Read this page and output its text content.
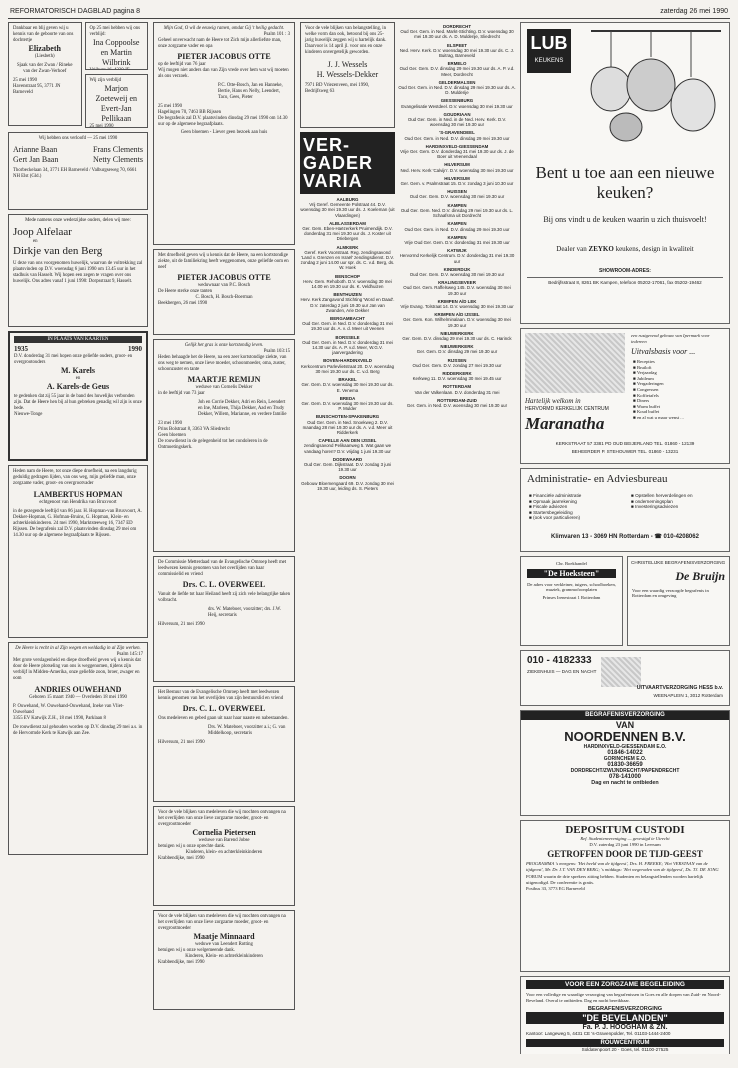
REFORMATORISCH DAGBLAD pagina 8	zaterdag 26 mei 1990
Dankbaar en blij geven wij u kennis van de geboorte van ons dochtertje
Elizabeth
(Liesbeth)
Sjaak van der Zwan / Rineke van der Zwan-Verhoef
25 mei 1990
Havenstraat 95, 3771 JN Barneveld
Op 25 mei hebben wij ons verblijd:
Ina Coppoolse en Martin Wilbrink
Wij zijn verblijd
Marjon Zoeteweij en Evert-Jan Pellikaan
25 mei 1990
Wij hebben ons verloofd — 25 mei 1990
Arianne Baan	Frans Clements
Gert Jan Baan	Netty Clements
Thorbeckelaan 34, 3771 EH Barneveld / Valburgseweg 70, 6661 NH Elst (Gld.)
Mede namens onze wederzijdse ouders, delen wij mee:
Joop Alfelaar
en
Dirkje van den Berg
U deze van ons voorgenomen huwelijk, waarvan de voltrekking zal plaatsvinden op D.V. woensdag 6 juni 1990 om 13.45 uur in het stadhuis van Hasselt. Wij hopen een zegen te vragen over ons huwelijk. Ons adres vanaf 1 juni 1990: Dorpsstraat 9, Hasselt.
IN PLAATS VAN KAARTEN
1935	1990
D.V. donderdag 31 mei hopen onze geliefde ouders, groot- en overgrootouders
M. Karels
en
A. Karels-de Geus
te gedenken dat zij 55 jaar in de band des huwelijks verbonden zijn. Dat de Heere hen bij al hun gebreken genadig wil zijn is onze bede.
Nieuwe-Tonge
Heden nam de Heere, tot onze diepe droefheid, na een langdurig geduldig gedragen lijden, van ons weg, mijn geliefde man, onze zorgzame vader, groot- en overgrootvader
LAMBERTUS HOPMAN
echtgenoot van Hendrika van Bruxvoort
in de gezegende leeftijd van 86 jaar. H. Hopman-van Bruxvoort, A. Dekker-Hopman, G. Hofman-Bruins, G. Hopman, Klein- en achterkleinkinderen. 24 mei 1990, Marktsteeweg 16, 7347 ED Rijssen. De begrafenis zal D.V. plaatsvinden dinsdag 29 mei om 14.30 uur op de algemene begraafplaats te Rijssen.
De Heere is recht in al Zijn wegen en weldadig in al Zijn werken.
Psalm 145:17
Met grote verslagenheid en diepe droefheid geven wij u kennis dat door de Heere plotseling van ons is weggenomen, tijdens zijn verblijf in Midden-Amerika, onze geliefde zoon, broer, zwager en oom
ANDRIES OUWEHAND
Geboren 15 maart 1940 — Overleden 18 mei 1990
P. Ouwehand, W. Ouwehand-Ouwehand, Ineke van Vliet-Ouwehand
3355 EV Katwijk Z.H., 18 mei 1990, Parklaan 8
De rouwdienst zal gehouden worden op D.V. dinsdag 29 mei a.s. in de Hervormde Kerk te Katwijk aan Zee.
Mijn God, O wil de eeuwig ramen, omdat Gij 't heilig gedacht.
Psalm 101 : 3
Geheel onverwacht nam de Heere tot Zich mijn allerliefste man, onze zorgzame vader en opa
PIETER JACOBUS OTTE
op de leeftijd van 76 jaar
Wij mogen niet anders dan van Zijn vrede over hem wat wij moeten als ons verzoek.
P.C. Otte-Bosch, Jan en Hanneke, Bertie, Hans en Nelly, Leendert, Taco, Gees, Pieter
25 mei 1990
Hagelingen 70, 7463 BB Rijssen
De begrafenis zal D.V. plaatsvinden dinsdag 29 mei 1990 om 14.30 uur op de algemene begraafplaats.
Geen bloemen - Liever geen bezoek aan huis
Met droefheid geven wij u kennis dat de Heere, na een kortstondige ziekte, uit de familiekring heeft weggenomen, onze geliefde oom en neef
PIETER JACOBUS OTTE
weduwnaar van P.C. Bosch
De Heere sterke onze tanten
C. Bosch, H. Bosch-Boerman
Beekbergen, 26 mei 1990
Gelijk het gras is onze kortstondig leven.
Psalm 103:15
Heden behaagde het de Heere, na een zeer kortstondige ziekte, van ons weg te nemen, onze lieve moeder, schoonmoeder, oma, zuster, schoonzuster en tante
MAARTJE REMIJN
weduwe van Cornelis Dekker
in de leeftijd van 73 jaar
Joh en Corrie Dekker, Adri en Rein, Leendert en Ine, Marleen, Thija Dekker, Aad en Trudy Dekker, Willem, Marianne, en verdere familie
23 mei 1990
Prins Bolstraat 8, 3363 VA Sliedrecht
Geen bloemen
De rouwdienst in de gelegenheid tot het condoleren in de Ontmoetingskerk.
De Commissie Metterdaad van de Evangelische Omroep heeft met leedwezen kennis genomen van het overlijden van haar commissielid en vriend
Drs. C. L. OVERWEEL
Vanuit de liefde tot haar Heiland heeft zij zich vele belangrijke taken volbracht.
drs. W. Mateboer, voorzitter; drs. J.W. Heij, secretaris
Hilversum, 21 mei 1990
Het Bestuur van de Evangelische Omroep heeft met leedwezen kennis genomen van het overlijden van zijn bestuurslid en vriend
Drs. C. L. OVERWEEL
Ons medeleven en gebed gaan uit naar haar naaste en nabestaanden.
Drs. W. Mateboer, voorzitter a.i.; G. van Middelkoop, secretaris
Hilversum, 21 mei 1990
Voor de vele blijken van medeleven die wij mochten ontvangen na het overlijden van onze lieve zorgzame moeder, groot- en overgrootmoeder
Cornelia Pietersen
weduwe van Barend Jobse
betuigen wij u onze oprechte dank.
Kinderen, klein- en achterkleinkinderen
Krabbendijke, mei 1990
Voor de vele blijken van medeleven die wij mochten ontvangen na het overlijden van onze lieve zorgzame moeder, groot- en overgrootmoeder
Maatje Minnaard
weduwe van Leendert Rotting
betuigen wij u onze welgemeende dank.
Kinderen, Klein- en achterkleinkinderen
Krabbendijke, mei 1990
Voor de vele blijken van belangstelling, in welke vorm dan ook, betoond bij ons 25-jarig huwelijk zeggen wij u hartelijk dank. Daarvoor is 14 april jl. voor ons en onze kinderen onvergetelijk geworden.
J. J. Wessels
H. Wessels-Dekker
7971 BD Vriezenveen, mei 1990, Bedrijfsweg 63
VER-
GADER
VARIA
AALBURG
Vrij Geref. Gemeente Polstraat 44. D.V. woensdag 30 mei 19.30 uur ds. J. Koeleman (uit Vlaardingen)
ALBLASSERDAM
Ger. Gem. Eben-Haëzerkerk Pruimendijk. D.V. donderdag 31 mei 19.30 uur ds. J. Koster uit Driebergen
ALMKERK
Geref. Kerk Voorstraat. Reg. zendingsavond 'Land v. Grenzen en Israël' zendingsdienst. D.V. zondag 2 juni 14.00 uur spr. ds. C. v.d. Berg, ds. W. Hoek
BENSCHOP
Herv. Gem. Rehoboth. D.V. woensdag 30 mei 14.00 en 19.30 uur ds. K. Veldhuizen
BENTHUIZEN
Herv. Kerk Zangavond Stichting 'Word en Daad'. D.V. zaterdag 2 juni 19.30 uur Jan van Zwanden, Arie Dekker
BERGAMBACHT
Oud Ger. Gem. in Ned. D.V. donderdag 31 mei 19.30 uur ds. A. v. d. Meer uit Veenen
BORSSELE
Oud Ger. Gem. in Ned. D.V. donderdag 31 mei 14.30 uur ds. A. P. v.d. Meer, W.G.V. jaarvergadering
BOVEN-HARDINXVELD
Kerkcentrum Parlevlietstraat 20. D.V. woensdag 30 mei 19.30 uur ds. C. v.d. Berg
BRAKEL
Ger. Gem. D.V. woensdag 30 mei 19.30 uur ds. E. Venema
BREDA
Ger. Gem. D.V. woensdag 30 mei 19.30 uur ds. P. Mulder
BUNSCHOTEN-SPAKENBURG
Oud Ger. Gem. in Ned. Snoekweg 2. D.V. maandag 28 mei 19.30 uur ds. A. v.d. Meer uit Ridderkerk
CAPELLE AAN DEN IJSSEL
zendingsavond Pelikaanweg 5. Wat gaan we vandaag horen? D.V. vrijdag 1 juni 19.30 uur
DODEWAARD
Oud Ger. Gem. Dijkstraat. D.V. zondag 3 juni 19.30 uur
DOORN
Gebouw Bloemengaard 69. D.V. zondag 30 mei 19.30 uur, leiding ds. S. Pieters
DORDRECHT
Oud Ger. Gem. in Ned. Markt-Stichting. D.V. woensdag 30 mei 19.30 uur ds. A. D. Mulderije, Sliedrecht
ELSPEET
Ned. Herv. Kerk. D.V. woensdag 30 mei 19.30 uur ds. C. J. Buitrag, Barneveld
ERMELO
Oud Ger. Gem. D.V. dinsdag 29 mei 19.30 uur ds. A. P. v.d. Meer, Dordrecht
GELDERMALSEN
Oud Ger. Gem. in Ned. D.V. dinsdag 29 mei 19.30 uur ds. A. D. Mulderije
GIESSENBURG
Evangelisatie Westdeel. D.V. woensdag 30 mei 19.30 uur
GOUDRIAAN
Oud Ger. Gem. in Ned. in de Ned. Herv. Kerk. D.V. woensdag 30 mei 19.30 uur
'S-GRAVENDEEL
Oud Ger. Gem. in Ned. D.V. dinsdag 29 mei 19.30 uur
HARDINXVELD-GIESSENDAM
Vrije Ger. Gem. D.V. donderdag 31 mei 19.30 uur ds. J. de Boer uit Veenendaal
HILVERSUM
Ned. Herv. Kerk 'Calvijn'. D.V. woensdag 30 mei 19.30 uur
HILVERSUM
Ger. Gem. v. Psalmstraat 15. D.V. zondag 3 juni 10.30 uur
HUISSEN
Oud Ger. Gem. D.V. woensdag 30 mei 19.30 uur
KAMPEN
Oud Ger. Gem. Ned. D.V. dinsdag 29 mei 19.30 uur ds. L. Schaafsma uit Dordrecht
KAMPEN
Oud Ger. Gem. in Ned. D.V. dinsdag 29 mei 19.30 uur
KAMPEN
Vrije Oud Ger. Gem. D.V. donderdag 31 mei 19.30 uur
KATWIJK
Hervormd Kerkelijk Centrum. D.V. donderdag 31 mei 19.30 uur
KINDERDIJK
Oud Ger. Gem. D.V. woensdag 30 mei 19.30 uur
KRALINGSEVEER
Oud Ger. Gem. Raffelsweg 145. D.V. woensdag 30 mei 19.30 uur
KRIMPEN A/D LEK
Vrije Evang. Tolstraat 14. D.V. woensdag 30 mei 19.30 uur
KRIMPEN A/D IJSSEL
Ger. Gem. Kon. Wilhelminalaan. D.V. woensdag 30 mei 19.30 uur
NIEUWERKERK
Ger. Gem. D.V. dinsdag 29 mei 19.30 uur ds. C. Harinck
NIEUWERKERK
Ger. Gem. D.V. dinsdag 29 mei 19.30 uur
RIJSSEN
Oud Ger. Gem. D.V. zondag 27 mei 19.30 uur
RIDDERKERK
Kerkweg 11. D.V. woensdag 30 mei 19.45 uur
ROTTERDAM
Van der Valkenlaan. D.V. donderdag 31 mei
ROTTERDAM-ZUID
Ger. Gem. in Ned. D.V. woensdag 30 mei 19.30 uur
LUB
KEUKENS
Bent u toe aan een nieuwe keuken?
Bij ons vindt u de keuken waarin u zich thuisvoelt!
Dealer van ZEYKO keukens, design in kwaliteit
SHOWROOM-ADRES:
Bedrijfsstraat 8, 8261 BK Kampen, telefoon 05202-17061, fax 05202-19462
een rustgevend gebouw van Ipermark voor iedereen
Uitvalsbasis voor ...
■ Recepties
■ Bruiloft
■ Verjaardag
■ Jubileum
■ Vergaderingen
■ Congressen
■ Koffietafels
■ Diners
■ Warm buffet
■ Koud buffet
■ en al wat u maar wenst ...
Hartelijk welkom in
HERVORMD KERKELIJK CENTRUM
Maranatha
KERKSTRAAT 57 3381 PD OUD BEIJERLAND TEL. 01860 - 12139
BEHEERDER P. STEHOUWER TEL. 01860 - 13231
Administratie- en Adviesbureau
■ Financiële administratie
■ Opmaak jaarrekening
■ Fiscale adviezen
■ Startersbegeleiding
■ (ook voor particulieren)
■ Opstellen herverdelingen en
■ ondernemingsplan
■ Investeringsadviezen
Klimvaren 13 - 3069 HN Rotterdam - ☎ 010-4208062
Chr. Boekhandel
"De Hoeksteen"
De adres voor verkleiner, tuigers, schoolboeken, muziek, grammofoonplaten
Prinses Irenestraat 1 Rotterdam
CHRISTELIJKE BEGRAFENISVERZORGING
De Bruijn
Voor een waardig verzorgde begrafenis in Rotterdam en omgeving
010 - 4182333
ZIEKENHUIS — DAG EN NACHT
UITVAARTVERZORGING HESS b.v.
WEENAPLEIN 1, 3012 Rotterdam
BEGRAFENISVERZORGING
VAN
NOORDENNEN B.V.
HARDINXVELD-GIESSENDAM E.O.
01846-14022
GORINCHEM E.O.
01830-36659
DORDRECHT/ZWIJNDRECHT/PAPENDRECHT
078-141000
Dag en nacht te ontbieden
DEPOSITUM CUSTODI
Ref. Studentenvereniging — gevestigd te Utrecht
D.V. zaterdag 23 juni 1990 in Leersum
GETROFFEN DOOR DE TIJD-GEEST
PROGRAMMA 's morgens: 'Het beeld van de tijdgeest', Drs. H. FREEKE; 'Het VERSTAAN van de tijdgeest', Mr. Dr. J.T. VAN DEN BERG; 's middags: 'Het wegeraden van de tijdgeest', Ds. TJ. DE JONG
FORUM waarin de drie sprekers zitting hebben. Studenten en belangstellenden worden hartelijk uitgenodigd. De conferentie is gratis.
Postbus 33, 3773 EG Barneveld
VOOR EEN ZORGZAME BEGELEIDING
Voor een volledige en waardige verzorging van begrafenissen in Goes en alle dorpen van Zuid- en Noord-Beveland. Overal te ontbieden. Dag en nacht bereikbaar.
BEGRAFENISVERZORGING
"DE BEVELANDEN"
Fa. P. J. HOOGHAM & ZN.
Kantoor: Langeweg 5, 4431 CE 's-Gravenpolder, Tel. 01103-1444-2400
ROUWCENTRUM
Soldatenpoort 20 - Goes, tel. 01100-27525
